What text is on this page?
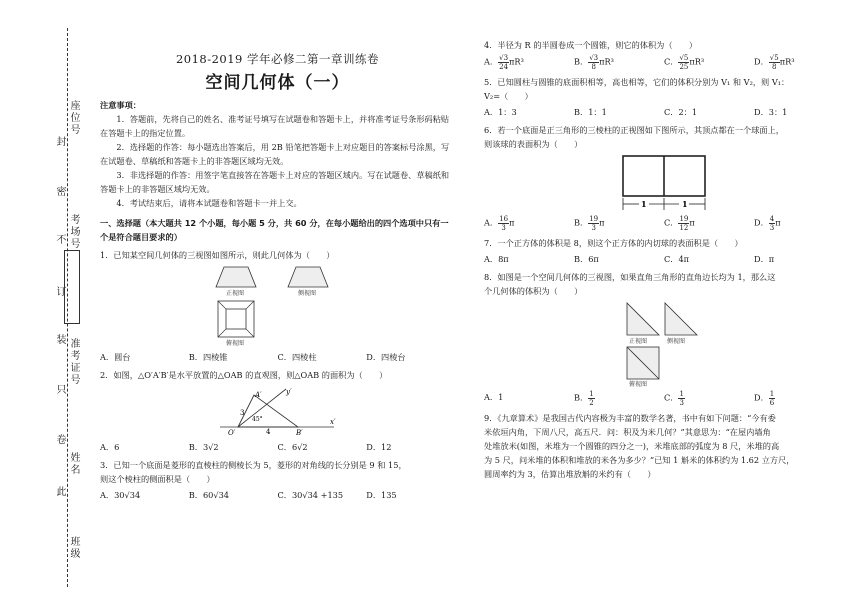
封
密
不
订
装
只
卷
此
座位号
考场号
准考证号
姓名
班级
2018-2019 学年必修二第一章训练卷
空间几何体（一）
注意事项：

1．答题前，先将自己的姓名、准考证号填写在试题卷和答题卡上，并将准考证号条形码粘贴在答题卡上的指定位置。

2．选择题的作答：每小题选出答案后，用 2B 铅笔把答题卡上对应题目的答案标号涂黑，写在试题卷、草稿纸和答题卡上的非答题区域均无效。

3．非选择题的作答：用签字笔直接答在答题卡上对应的答题区域内。写在试题卷、草稿纸和答题卡上的非答题区域均无效。

4．考试结束后，请将本试题卷和答题卡一并上交。

一、选择题（本大题共 12 个小题，每小题 5 分，共 60 分，在每小题给出的四个选项中只有一个是符合题目要求的）

1．已知某空间几何体的三视图如图所示，则此几何体为（　　）

正视图	侧视图
俯视图
A．圆台	B．四棱锥	C．四棱柱	D．四棱台

2．如图，△O′A′B′是水平放置的△OAB 的直观图，则△OAB 的面积为（　　）

x′
y′
A′
O′	B′
3
4
45°
A．6	B．3√2	C．6√2	D．12

3．已知一个底面是菱形的直棱柱的侧棱长为 5，菱形的对角线的长分别是 9 和 15，

则这个棱柱的侧面积是（　　）

A．30√34	B．60√34	C．30√34 +135	D．135

4．半径为 R 的半圆卷成一个圆锥，则它的体积为（　　）

A． $\frac{√3}{24} \pi R^3$	B． $\frac{√3}{8} \pi R^3$	C． $\frac{√5}{25} \pi R^3$	D． $\frac{√5}{8} \pi R^3$

5．已知圆柱与圆锥的底面积相等，高也相等，它们的体积分别为 V₁ 和 V₂，则 V₁：

V₂=（　　）

A．1：3	B．1：1	C．2：1	D．3：1

6．若一个底面是正三角形的三棱柱的正视图如下图所示，其顶点都在一个球面上，

则该球的表面积为（　　）

1	1
A． $\frac{16}{3}$ π	B． $\frac{19}{3}$ π	C． $\frac{19}{12}$ π	D． $\frac{4}{3}$ π

7．一个正方体的体积是 8，则这个正方体的内切球的表面积是（　　）

A．8π	B．6π	C．4π	D．π

8．如图是一个空间几何体的三视图，如果直角三角形的直角边长均为 1，那么这

个几何体的体积为（　　）

正视图	侧视图
俯视图
A．1	B． $\frac{1}{2}$	C． $\frac{1}{3}$	D． $\frac{1}{6}$

9．《九章算术》是我国古代内容极为丰富的数学名著，书中有如下问题：“今有委

米依垣内角，下周八尺，高五尺．问：积及为米几何？”其意思为：“在屋内墙角

处堆放米(如图，米堆为一个圆锥的四分之一)，米堆底部的弧度为 8 尺，米堆的高

为 5 尺，问米堆的体积和堆放的米各为多少？”已知 1 斛米的体积约为 1.62 立方尺，

圆周率约为 3，估算出堆放斛的米约有（　　）
